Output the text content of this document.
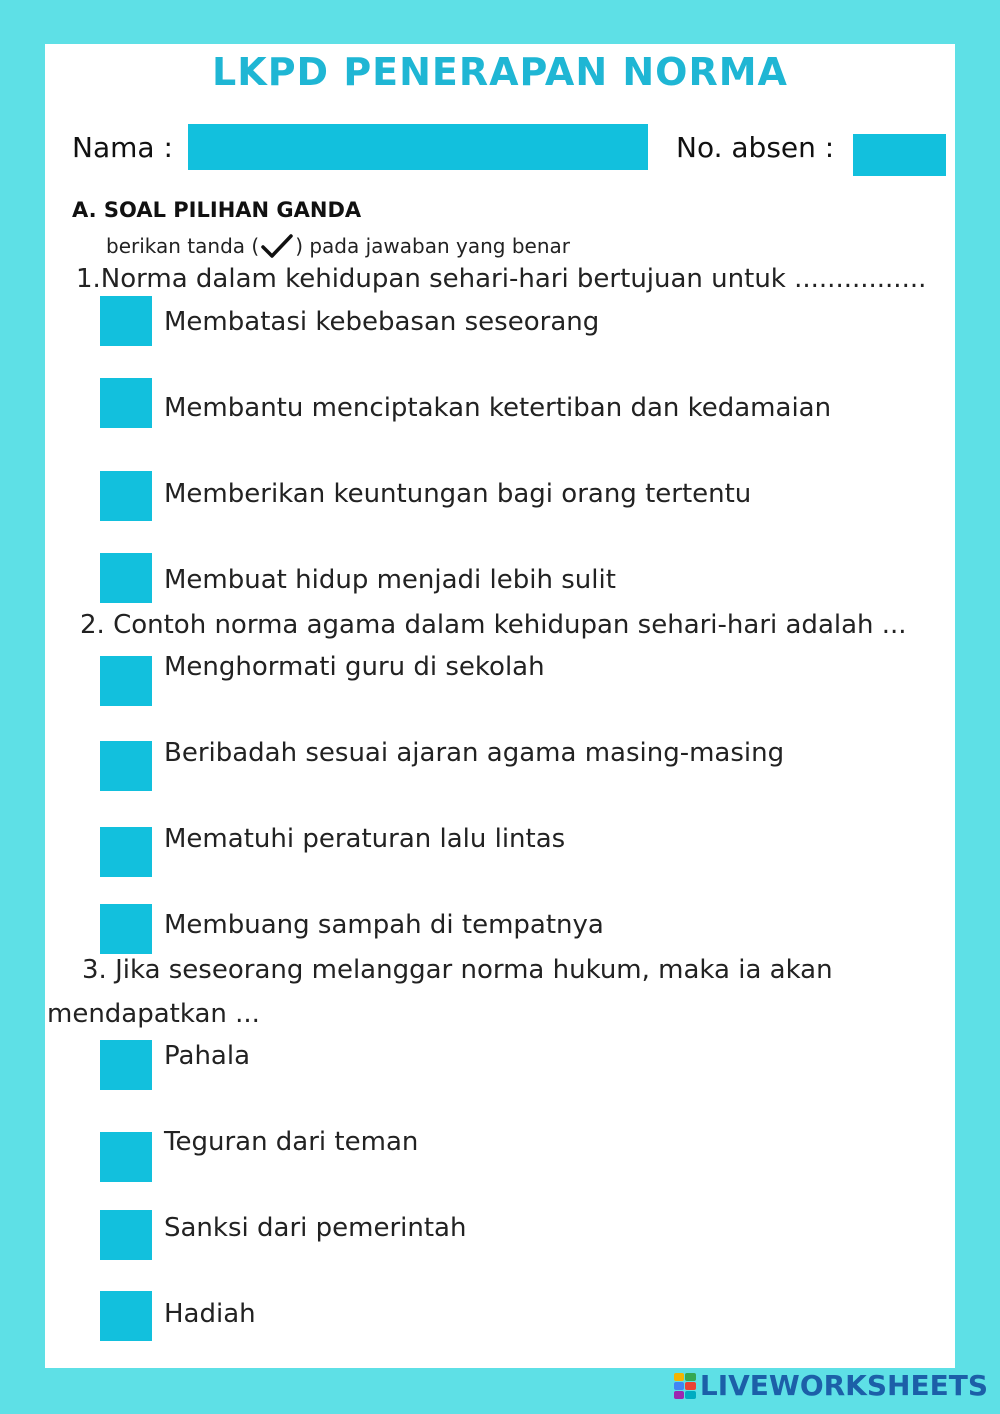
LKPD PENERAPAN NORMA
Nama :	No. absen :
A. SOAL PILIHAN GANDA
berikan tanda ( ) pada jawaban yang benar
1.Norma dalam kehidupan sehari-hari bertujuan untuk ................
Membatasi kebebasan seseorang
Membantu menciptakan ketertiban dan kedamaian
Memberikan keuntungan bagi orang tertentu
Membuat hidup menjadi lebih sulit
2. Contoh norma agama dalam kehidupan sehari-hari adalah ...
Menghormati guru di sekolah
Beribadah sesuai ajaran agama masing-masing
Mematuhi peraturan lalu lintas
Membuang sampah di tempatnya
3. Jika seseorang melanggar norma hukum, maka ia akan
mendapatkan ...
Pahala
Teguran dari teman
Sanksi dari pemerintah
Hadiah
LIVEWORKSHEETS
